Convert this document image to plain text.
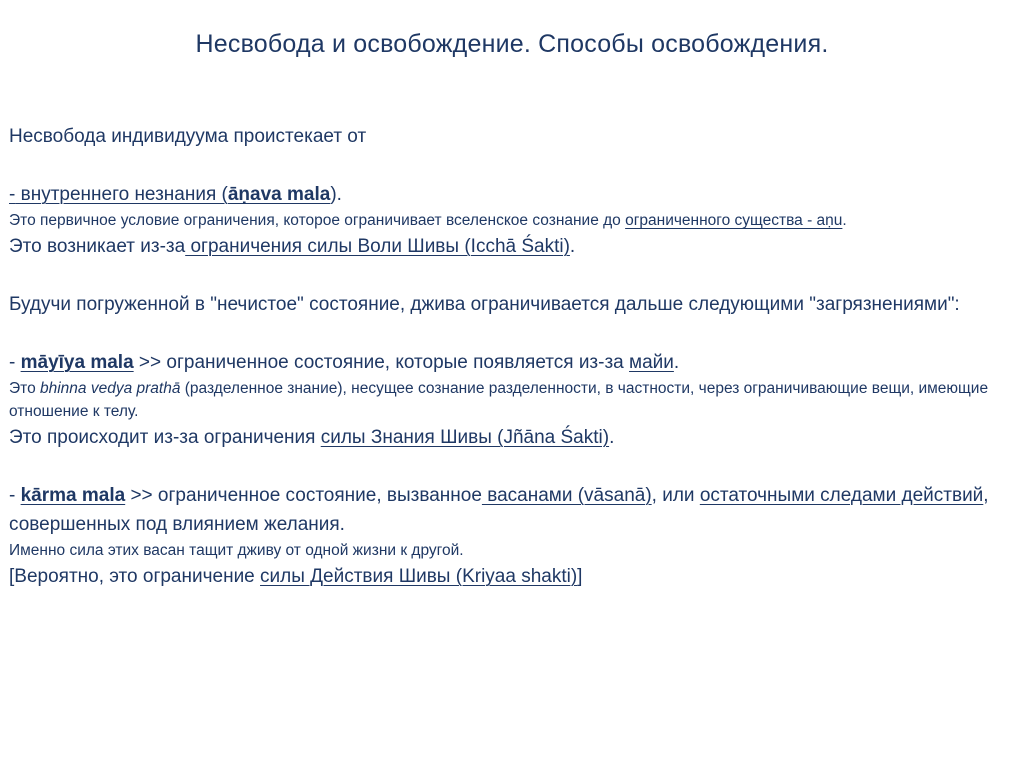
Несвобода и освобождение. Способы освобождения.

Несвобода индивидуума проистекает от

- внутреннего незнания (āṇava mala).

Это первичное условие ограничения, которое ограничивает вселенское сознание до ограниченного существа - aṇu.

Это возникает из-за ограничения силы Воли Шивы (Icchā Śakti).

Будучи погруженной в "нечистое" состояние, джива ограничивается дальше следующими "загрязнениями":

- māyīya mala >> ограниченное состояние, которые появляется из-за майи.

Это bhinna vedya prathā (разделенное знание), несущее сознание разделенности, в частности, через ограничивающие вещи, имеющие отношение к телу.

Это происходит из-за ограничения силы Знания Шивы (Jñāna Śakti).

- kārma mala >> ограниченное состояние, вызванное васанами (vāsanā), или остаточными следами действий, совершенных под влиянием желания.

Именно сила этих васан тащит дживу от одной жизни к другой.

[Вероятно, это ограничение силы Действия Шивы (Kriyaa shakti)]
